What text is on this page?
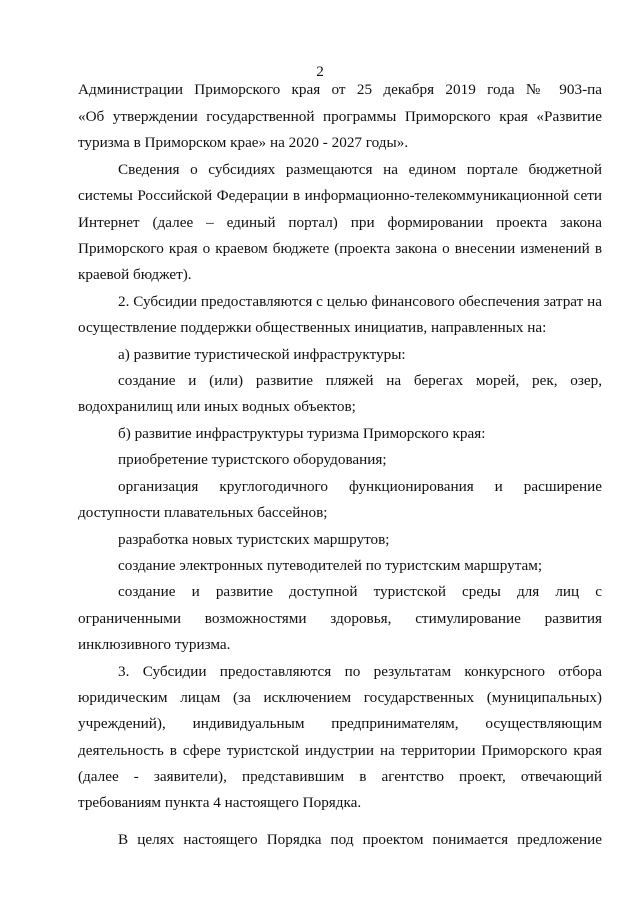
2
Администрации Приморского края от 25 декабря 2019 года № 903-па
«Об утверждении государственной программы Приморского края «Развитие
туризма в Приморском крае» на 2020 - 2027 годы».
Сведения о субсидиях размещаются на едином портале бюджетной
системы Российской Федерации в информационно-телекоммуникационной сети
Интернет (далее – единый портал) при формировании проекта закона
Приморского края о краевом бюджете (проекта закона о внесении изменений в
краевой бюджет).
2. Субсидии предоставляются с целью финансового обеспечения затрат на
осуществление поддержки общественных инициатив, направленных на:
а) развитие туристической инфраструктуры:
создание и (или) развитие пляжей на берегах морей, рек, озер,
водохранилищ или иных водных объектов;
б) развитие инфраструктуры туризма Приморского края:
приобретение туристского оборудования;
организация круглогодичного функционирования и расширение
доступности плавательных бассейнов;
разработка новых туристских маршрутов;
создание электронных путеводителей по туристским маршрутам;
создание и развитие доступной туристской среды для лиц с
ограниченными возможностями здоровья, стимулирование развития
инклюзивного туризма.
3. Субсидии предоставляются по результатам конкурсного отбора
юридическим лицам (за исключением государственных (муниципальных)
учреждений), индивидуальным предпринимателям, осуществляющим
деятельность в сфере туристской индустрии на территории Приморского края
(далее - заявители), представившим в агентство проект, отвечающий
требованиям пункта 4 настоящего Порядка.
В целях настоящего Порядка под проектом понимается предложение
